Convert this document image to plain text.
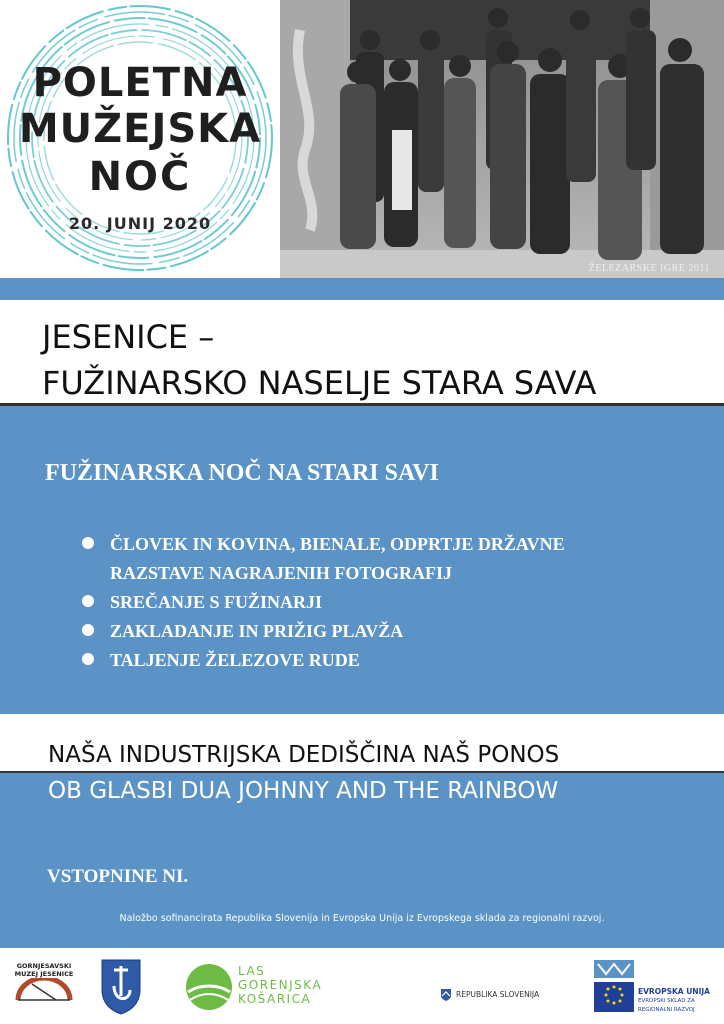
POLETNA
MUŽEJSKA
NOČ
20. JUNIJ 2020
ŽELEZARSKE IGRE 2011
JESENICE –
FUŽINARSKO NASELJE STARA SAVA
FUŽINARSKA NOČ NA STARI SAVI
ČLOVEK IN KOVINA, BIENALE, ODPRTJE DRŽAVNE
RAZSTAVE NAGRAJENIH FOTOGRAFIJ
SREČANJE S FUŽINARJI
ZAKLADANJE IN PRIŽIG PLAVŽA
TALJENJE ŽELEZOVE RUDE
NAŠA INDUSTRIJSKA DEDIŠČINA NAŠ PONOS
OB GLASBI DUA JOHNNY AND THE RAINBOW
VSTOPNINE NI.
Naložbo sofinancirata Republika Slovenija in Evropska Unija iz Evropskega sklada za regionalni razvoj.
GORNJESAVSKI
MUZEJ JESENICE	LAS
GORENJSKA
KOŠARICA	REPUBLIKA SLOVENIJA	EVROPSKA UNIJA
EVROPSKI SKLAD ZA
REGIONALNI RAZVOJ
